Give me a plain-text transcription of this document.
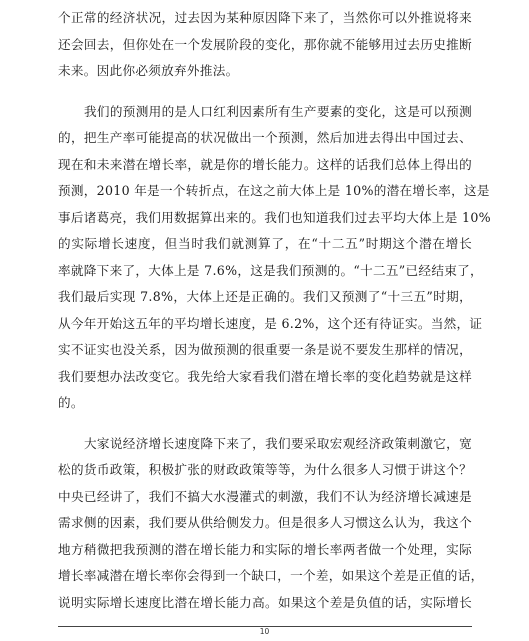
个正常的经济状况，过去因为某种原因降下来了，当然你可以外推说将来
还会回去，但你处在一个发展阶段的变化，那你就不能够用过去历史推断
未来。因此你必须放弃外推法。
我们的预测用的是人口红利因素所有生产要素的变化，这是可以预测
的，把生产率可能提高的状况做出一个预测，然后加进去得出中国过去、
现在和未来潜在增长率，就是你的增长能力。这样的话我们总体上得出的
预测，2010 年是一个转折点，在这之前大体上是 10%的潜在增长率，这是
事后诸葛亮，我们用数据算出来的。我们也知道我们过去平均大体上是 10%
的实际增长速度，但当时我们就测算了，在“十二五”时期这个潜在增长
率就降下来了，大体上是 7.6%，这是我们预测的。“十二五”已经结束了，
我们最后实现 7.8%，大体上还是正确的。我们又预测了“十三五”时期，
从今年开始这五年的平均增长速度，是 6.2%，这个还有待证实。当然，证
实不证实也没关系，因为做预测的很重要一条是说不要发生那样的情况，
我们要想办法改变它。我先给大家看我们潜在增长率的变化趋势就是这样
的。
大家说经济增长速度降下来了，我们要采取宏观经济政策刺激它，宽
松的货币政策，积极扩张的财政政策等等，为什么很多人习惯于讲这个？
中央已经讲了，我们不搞大水漫灌式的刺激，我们不认为经济增长减速是
需求侧的因素，我们要从供给侧发力。但是很多人习惯这么认为，我这个
地方稍微把我预测的潜在增长能力和实际的增长率两者做一个处理，实际
增长率减潜在增长率你会得到一个缺口，一个差，如果这个差是正值的话，
说明实际增长速度比潜在增长能力高。如果这个差是负值的话，实际增长
10
